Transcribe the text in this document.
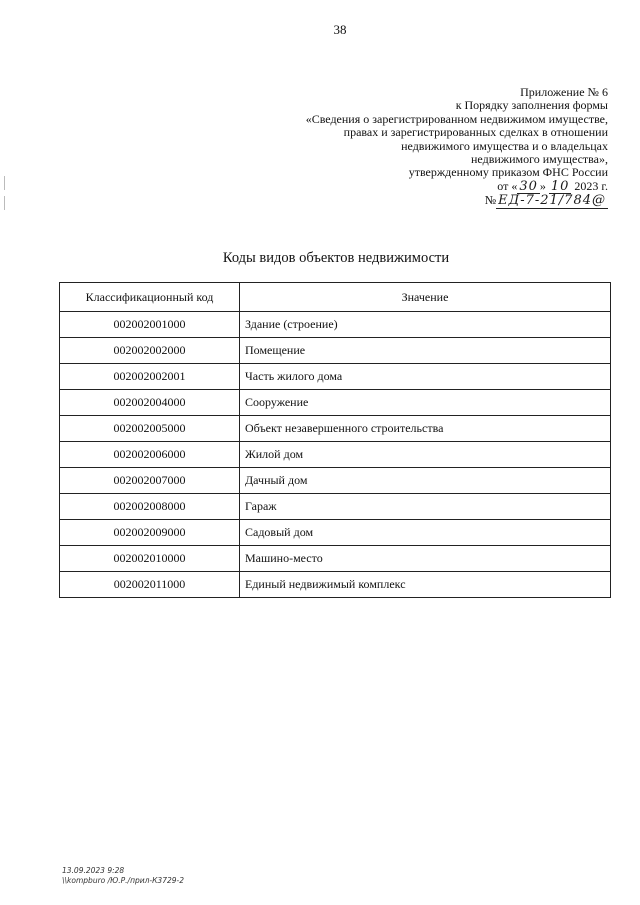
38
Приложение № 6
к Порядку заполнения формы
«Сведения о зарегистрированном недвижимом имуществе,
правах и зарегистрированных сделках в отношении
недвижимого имущества и о владельцах
недвижимого имущества»,
утвержденному приказом ФНС России
от « 30 » 10 2023 г.
№ ЕД-7-21/784@
Коды видов объектов недвижимости
Классификационный код	Значение
002002001000	Здание (строение)
002002002000	Помещение
002002002001	Часть жилого дома
002002004000	Сооружение
002002005000	Объект незавершенного строительства
002002006000	Жилой дом
002002007000	Дачный дом
002002008000	Гараж
002002009000	Садовый дом
002002010000	Машино-место
002002011000	Единый недвижимый комплекс
13.09.2023 9:28
\\kompburo /Ю.Р./прил-К3729-2
